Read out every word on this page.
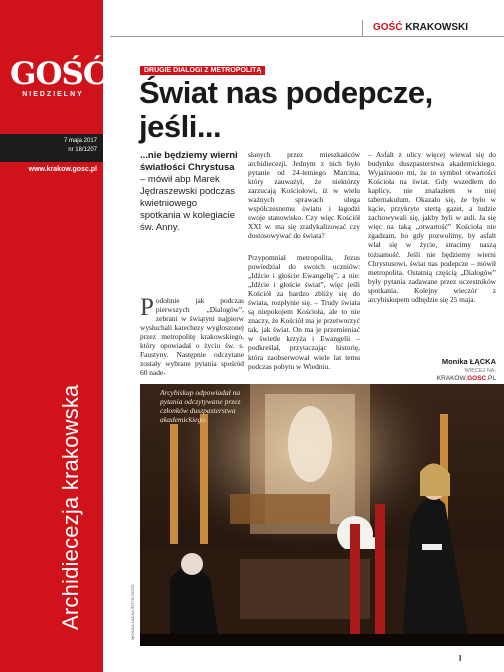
GOŚĆ
NIEDZIELNY
7 maja 2017
nr 18/1207
www.krakow.gosc.pl
Archidiecezja krakowska
GOŚĆ KRAKOWSKI
DRUGIE DIALOGI Z METROPOLITĄ
Świat nas podepcze, jeśli...
...nie będziemy wierni światłości Chrystusa
– mówił abp Marek Jędraszewski podczas kwietniowego spotkania w kolegiacie św. Anny.
Podobnie jak podczas pierwszych „Dialogów”, zebrani w świątyni najpierw wysłuchali katechezy wygłoszonej przez metropolitę krakowskiego, który opowiadał o życiu św. s. Faustyny. Następnie odczytane zostały wybrane pytania spośród 60 nade-
słanych przez mieszkańców archidiecezji. Jednym z nich było pytanie od 24-letniego Marcina, który zauważył, że niektórzy zarzucają Kościołowi, iż w wielu ważnych sprawach ulega współczesnemu światu i łagodzi swoje stanowisko. Czy więc Kościół XXI w. ma się zradykalizować czy dostosowywać do świata?
Przypomniał metropolita, Jezus powiedział do swoich uczniów: „Idźcie i głoście Ewangelię”, a nie: „Idźcie i głoście świat”, więc jeśli Kościół za bardzo zbliży się do świata, rozpłynie się. – Trudy świata są niepokojem Kościoła, ale to nie znaczy, że Kościół ma je przetworzyć tak, jak świat. On ma je przemieniać w świetle krzyża i Ewangelii – podkreślał, przytaczając historię, która zaobserwował wiele lat temu podczas pobytu w Wiedniu.
– Asfalt z ulicy więcej wiewał się do budynku duszpasterstwa akademickiego. Wyjaśniono mi, że to symbol otwartości Kościoła na świat. Gdy wszedłem do kaplicy, nie znalazłem w niej tabernakulum. Okazało się, że było w kącie, przykryte stertą gazet, a ludzie zachowywali się, jakby byli w auli. Ja się więc na taką „otwartość” Kościoła nie zgadzam, bo gdy pozwolimy, by asfalt wlał się w życie, stracimy naszą tożsamość. Jeśli nie będziemy wierni Chrystusowi, świat nas podepcze – mówił metropolita. Ostatnią częścią „Dialogów” były pytania zadawane przez uczestników spotkania. Kolejny wieczór z arcybiskupem odbędzie się 25 maja.
Monika ŁĄCKA
WIĘCEJ NA:
KRAKOW.GOSC.PL
Arcybiskup odpowiadał na pytania odczytywane przez członków duszpasterstwa akademickiego.
MONIKA ŁĄCKA /FOTO GOŚĆ
I
